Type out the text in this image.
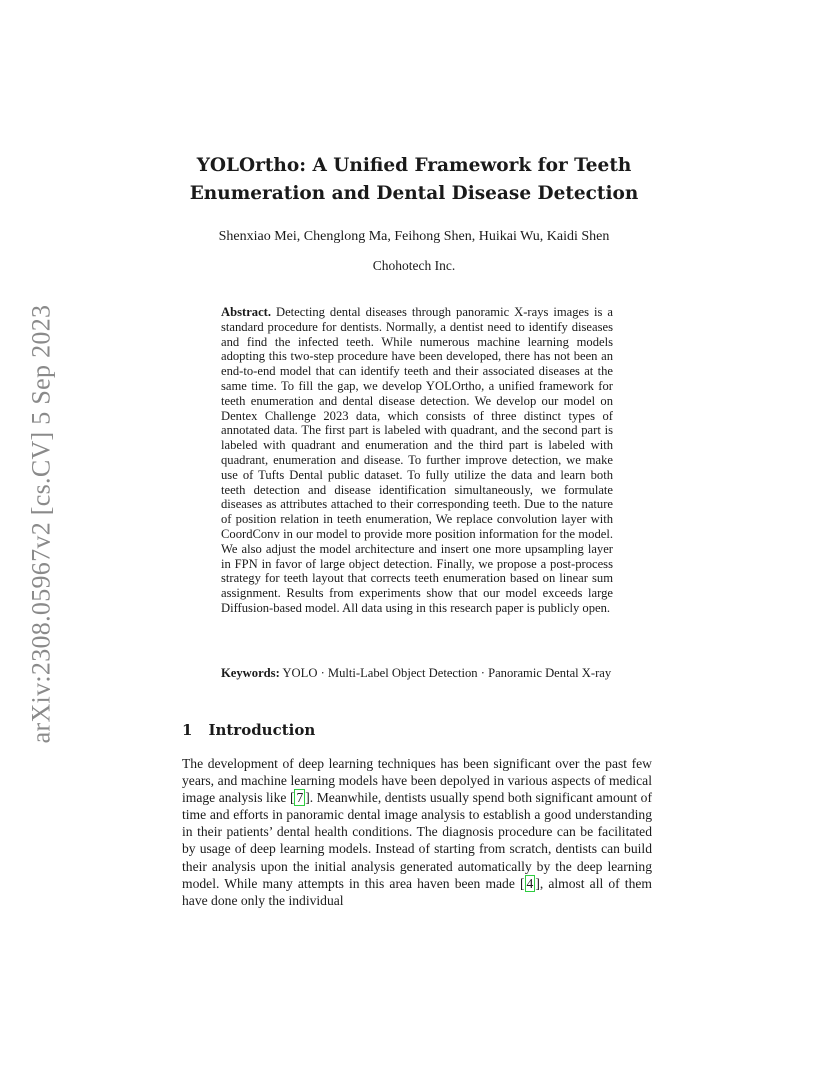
arXiv:2308.05967v2 [cs.CV] 5 Sep 2023
YOLOrtho: A Unified Framework for Teeth
Enumeration and Dental Disease Detection
Shenxiao Mei, Chenglong Ma, Feihong Shen, Huikai Wu, Kaidi Shen
Chohotech Inc.
Abstract. Detecting dental diseases through panoramic X-rays images is a standard procedure for dentists. Normally, a dentist need to identify diseases and find the infected teeth. While numerous machine learning models adopting this two-step procedure have been developed, there has not been an end-to-end model that can identify teeth and their associated diseases at the same time. To fill the gap, we develop YOLOrtho, a unified framework for teeth enumeration and dental disease detection. We develop our model on Dentex Challenge 2023 data, which consists of three distinct types of annotated data. The first part is labeled with quadrant, and the second part is labeled with quadrant and enumeration and the third part is labeled with quadrant, enumeration and disease. To further improve detection, we make use of Tufts Dental public dataset. To fully utilize the data and learn both teeth detection and disease identification simultaneously, we formulate diseases as attributes attached to their corresponding teeth. Due to the nature of position relation in teeth enumeration, We replace convolution layer with CoordConv in our model to provide more position information for the model. We also adjust the model architecture and insert one more upsampling layer in FPN in favor of large object detection. Finally, we propose a post-process strategy for teeth layout that corrects teeth enumeration based on linear sum assignment. Results from experiments show that our model exceeds large Diffusion-based model. All data using in this research paper is publicly open.
Keywords: YOLO · Multi-Label Object Detection · Panoramic Dental X-ray
1 Introduction
The development of deep learning techniques has been significant over the past few years, and machine learning models have been depolyed in various aspects of medical image analysis like [ 7 ]. Meanwhile, dentists usually spend both significant amount of time and efforts in panoramic dental image analysis to establish a good understanding in their patients’ dental health conditions. The diagnosis procedure can be facilitated by usage of deep learning models. Instead of starting from scratch, dentists can build their analysis upon the initial analysis generated automatically by the deep learning model. While many attempts in this area haven been made [ 4 ], almost all of them have done only the individual
